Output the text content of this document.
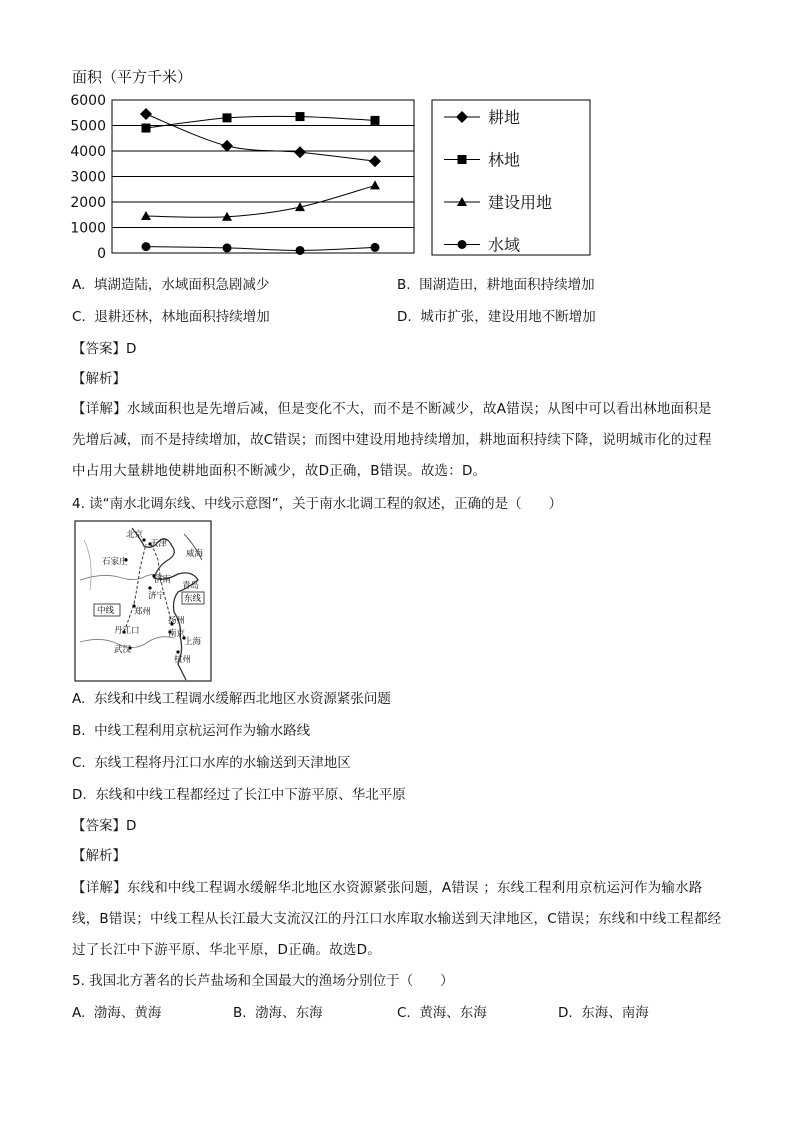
面积（平方千米）
6000
5000
4000
3000
2000
1000
0
耕地
林地
建设用地
水域
A. 填湖造陆，水域面积急剧减少	B. 围湖造田，耕地面积持续增加
C. 退耕还林，林地面积持续增加	D. 城市扩张，建设用地不断增加
【答案】D
【解析】
【详解】水域面积也是先增后减，但是变化不大，而不是不断减少，故A错误；从图中可以看出林地面积是先增后减，而不是持续增加，故C错误；而图中建设用地持续增加，耕地面积持续下降，说明城市化的过程中占用大量耕地使耕地面积不断减少，故D正确，B错误。故选：D。
4. 读“南水北调东线、中线示意图”，关于南水北调工程的叙述，正确的是（　　）
北京
天津
石家庄
威海
济南
青岛
济宁
郑州
丹江口
扬州
南京
上海
武汉
杭州
东线
中线
A. 东线和中线工程调水缓解西北地区水资源紧张问题
B. 中线工程利用京杭运河作为输水路线
C. 东线工程将丹江口水库的水输送到天津地区
D. 东线和中线工程都经过了长江中下游平原、华北平原
【答案】D
【解析】
【详解】东线和中线工程调水缓解华北地区水资源紧张问题，A错误 ；东线工程利用京杭运河作为输水路线，B错误；中线工程从长江最大支流汉江的丹江口水库取水输送到天津地区，C错误；东线和中线工程都经过了长江中下游平原、华北平原，D正确。故选D。
5. 我国北方著名的长芦盐场和全国最大的渔场分别位于（　　）
A. 渤海、黄海	B. 渤海、东海	C. 黄海、东海	D. 东海、南海
